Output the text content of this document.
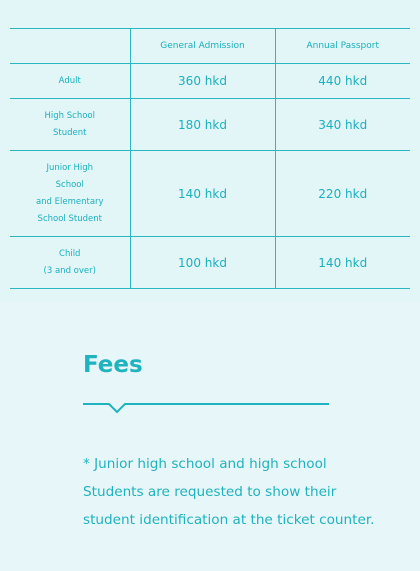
	General Admission	Annual Passport

Adult	360 hkd	440 hkd

High School
Student	180 hkd	340 hkd

Junior High
School
and Elementary
School Student	140 hkd	220 hkd

Child
(3 and over)	100 hkd	140 hkd
Fees

* Junior high school and high school
Students are requested to show their
student identification at the ticket counter.
